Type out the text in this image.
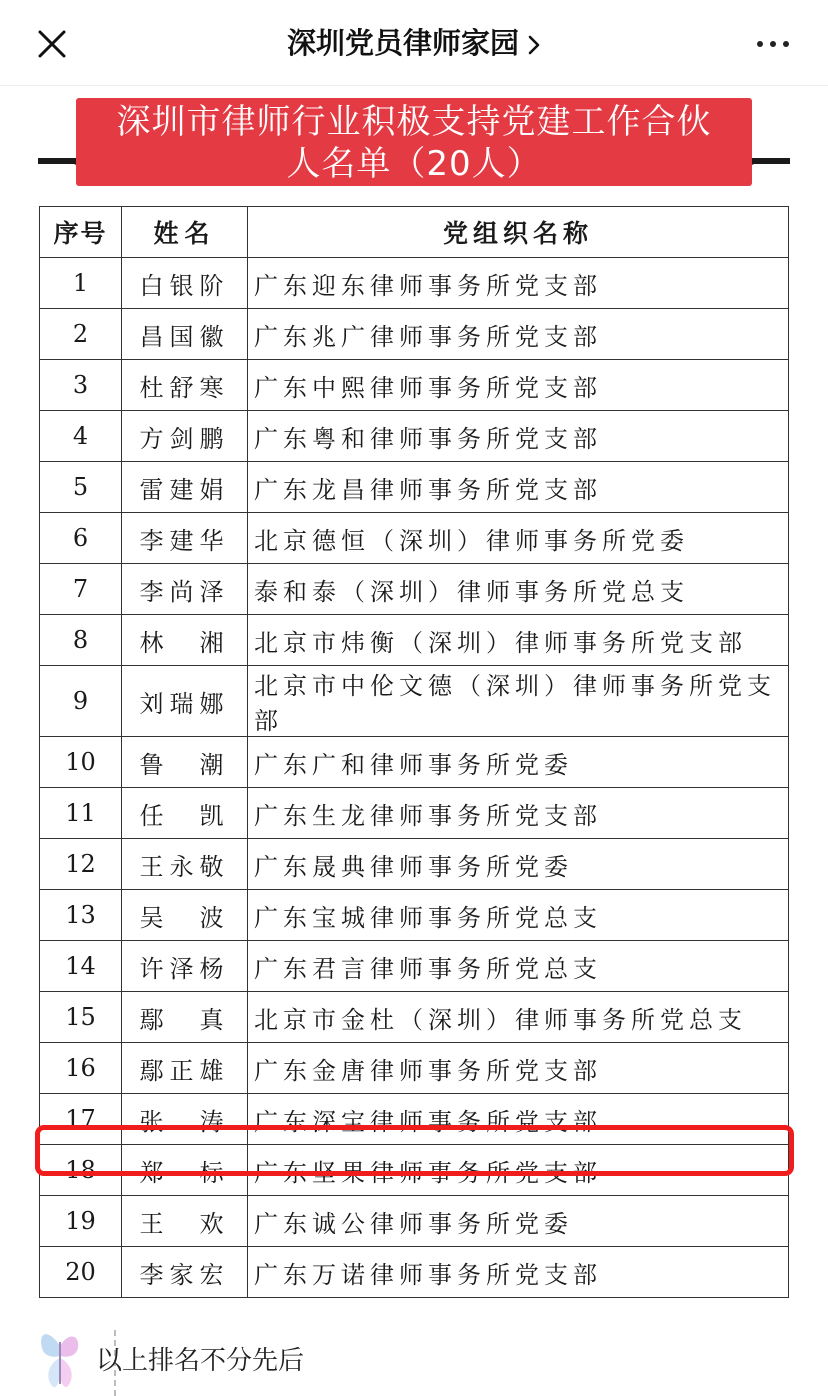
深圳党员律师家园
深圳市律师行业积极支持党建工作合伙
人名单（20人）
序号	姓名	党组织名称
1	白银阶	广东迎东律师事务所党支部
2	昌国徽	广东兆广律师事务所党支部
3	杜舒寒	广东中熙律师事务所党支部
4	方剑鹏	广东粤和律师事务所党支部
5	雷建娟	广东龙昌律师事务所党支部
6	李建华	北京德恒（深圳）律师事务所党委
7	李尚泽	泰和泰（深圳）律师事务所党总支
8	林　湘	北京市炜衡（深圳）律师事务所党支部
9	刘瑞娜	北京市中伦文德（深圳）律师事务所党支部
10	鲁　潮	广东广和律师事务所党委
11	任　凯	广东生龙律师事务所党支部
12	王永敬	广东晟典律师事务所党委
13	吴　波	广东宝城律师事务所党总支
14	许泽杨	广东君言律师事务所党总支
15	鄢　真	北京市金杜（深圳）律师事务所党总支
16	鄢正雄	广东金唐律师事务所党支部
17	张　涛	广东深宝律师事务所党支部
18	郑　标	广东坚果律师事务所党支部
19	王　欢	广东诚公律师事务所党委
20	李家宏	广东万诺律师事务所党支部
以上排名不分先后
